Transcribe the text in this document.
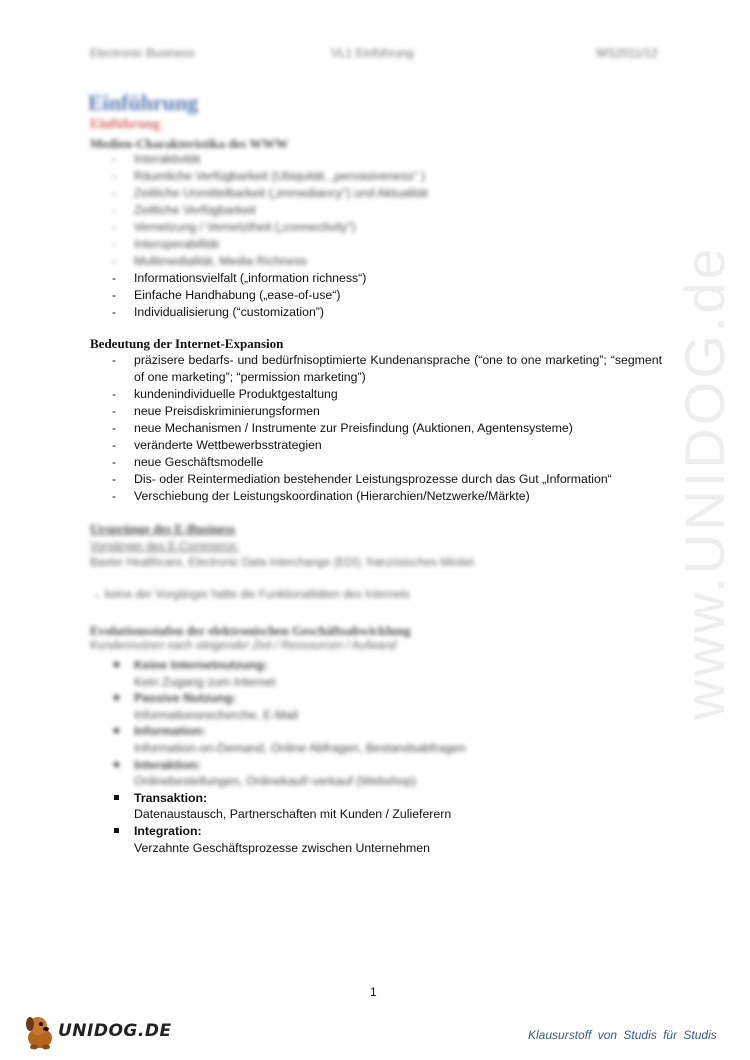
Electronic Business	VL1 Einführung	WS2011/12
Einführung
Einführung
Medien-Charakteristika des WWW
- Interaktivität
- Räumliche Verfügbarkeit (Ubiquität, „pervasiveness“ )
- Zeitliche Unmittelbarkeit („immediancy“) und Aktualität
- Zeitliche Verfügbarkeit
- Vernetzung / Vernetztheit („connectivity“)
- Interoperabilität
- Multimedialität, Media Richness
- Informationsvielfalt („information richness“)
- Einfache Handhabung („ease-of-use“)
- Individualisierung (“customization”)
Bedeutung der Internet-Expansion
- präzisere bedarfs- und bedürfnisoptimierte Kundenansprache (“one to one marketing”; “segment of one marketing”; “permission marketing”)
- kundenindividuelle Produktgestaltung
- neue Preisdiskriminierungsformen
- neue Mechanismen / Instrumente zur Preisfindung (Auktionen, Agentensysteme)
- veränderte Wettbewerbsstrategien
- neue Geschäftsmodelle
- Dis- oder Reintermediation bestehender Leistungsprozesse durch das Gut „Information“
- Verschiebung der Leistungskoordination (Hierarchien/Netzwerke/Märkte)
Ursprünge des E-Business
Vorgänger des E-Commerce:
Baxter Healthcare, Electronic Data Interchange (EDI), französisches Minitel
→ keine der Vorgänger hatte die Funktionalitäten des Internets
Evolutionsstufen der elektronischen Geschäftsabwicklung
Kundennutzen nach steigender Zeit / Ressourcen / Aufwand
Keine Internetnutzung:
Kein Zugang zum Internet
Passive Nutzung:
Informationsrecherche, E-Mail
Information:
Information-on-Demand, Online Abfragen, Bestandsabfragen
Interaktion:
Onlinebestellungen, Onlinekauf/-verkauf (Webshop)
Transaktion:
Datenaustausch, Partnerschaften mit Kunden / Zulieferern
Integration:
Verzahnte Geschäftsprozesse zwischen Unternehmen
1
www.UNIDOG.de
UNIDOG.DE	Klausurstoff von Studis für Studis
